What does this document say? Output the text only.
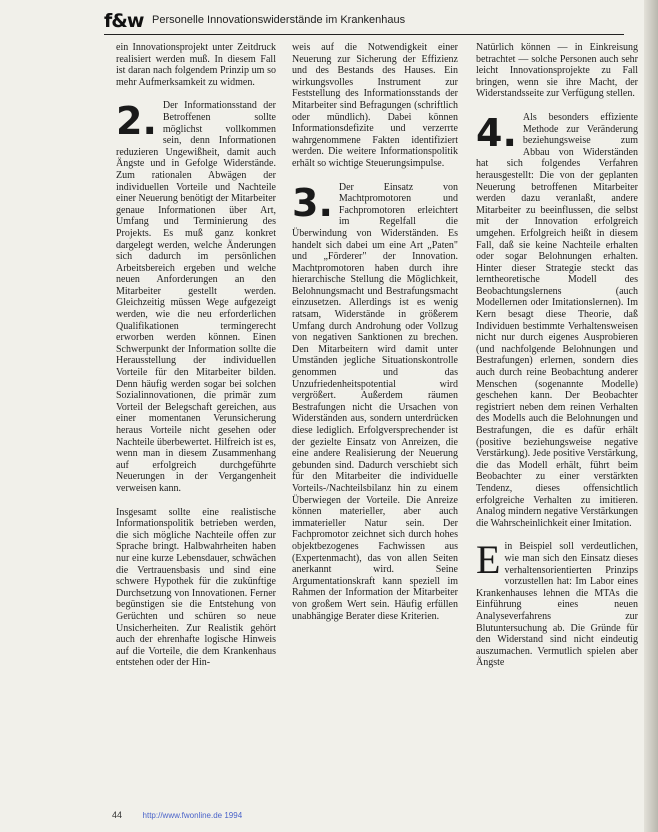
f&w Personelle Innovationswiderstände im Krankenhaus

ein Innovationsprojekt unter Zeitdruck realisiert werden muß. In diesem Fall ist daran nach folgendem Prinzip um so mehr Aufmerksamkeit zu widmen.

2. Der Informationsstand der Betroffenen sollte möglichst vollkommen sein, denn Informationen reduzieren Ungewißheit, damit auch Ängste und in Gefolge Widerstände. Zum rationalen Abwägen der individuellen Vorteile und Nachteile einer Neuerung benötigt der Mitarbeiter genaue Informationen über Art, Umfang und Terminierung des Projekts. Es muß ganz konkret dargelegt werden, welche Änderungen sich dadurch im persönlichen Arbeitsbereich ergeben und welche neuen Anforderungen an den Mitarbeiter gestellt werden. Gleichzeitig müssen Wege aufgezeigt werden, wie die neu erforderlichen Qualifikationen termingerecht erworben werden können. Einen Schwerpunkt der Information sollte die Herausstellung der individuellen Vorteile für den Mitarbeiter bilden. Denn häufig werden sogar bei solchen Sozialinnovationen, die primär zum Vorteil der Belegschaft gereichen, aus einer momentanen Verunsicherung heraus Vorteile nicht gesehen oder Nachteile überbewertet. Hilfreich ist es, wenn man in diesem Zusammenhang auf erfolgreich durchgeführte Neuerungen in der Vergangenheit verweisen kann.

Insgesamt sollte eine realistische Informationspolitik betrieben werden, die sich mögliche Nachteile offen zur Sprache bringt. Halbwahrheiten haben nur eine kurze Lebensdauer, schwächen die Vertrauensbasis und sind eine schwere Hypothek für die zukünftige Durchsetzung von Innovationen. Ferner begünstigen sie die Entstehung von Gerüchten und schüren so neue Unsicherheiten. Zur Realistik gehört auch der ehrenhafte logische Hinweis auf die Vorteile, die dem Krankenhaus entstehen oder der Hin-

weis auf die Notwendigkeit einer Neuerung zur Sicherung der Effizienz und des Bestands des Hauses. Ein wirkungsvolles Instrument zur Feststellung des Informationsstands der Mitarbeiter sind Befragungen (schriftlich oder mündlich). Dabei können Informationsdefizite und verzerrte wahrgenommene Fakten identifiziert werden. Die weitere Informationspolitik erhält so wichtige Steuerungsimpulse.

3. Der Einsatz von Machtpromotoren und Fachpromotoren erleichtert im Regelfall die Überwindung von Widerständen. Es handelt sich dabei um eine Art „Paten" und „Förderer" der Innovation. Machtpromotoren haben durch ihre hierarchische Stellung die Möglichkeit, Belohnungsmacht und Bestrafungsmacht einzusetzen. Allerdings ist es wenig ratsam, Widerstände in größerem Umfang durch Androhung oder Vollzug von negativen Sanktionen zu brechen. Den Mitarbeitern wird damit unter Umständen jegliche Situationskontrolle genommen und das Unzufriedenheitspotential wird vergrößert. Außerdem räumen Bestrafungen nicht die Ursachen von Widerständen aus, sondern unterdrücken diese lediglich. Erfolgversprechender ist der gezielte Einsatz von Anreizen, die eine andere Realisierung der Neuerung gebunden sind. Dadurch verschiebt sich für den Mitarbeiter die individuelle Vorteils-/Nachteilsbilanz hin zu einem Überwiegen der Vorteile. Die Anreize können materieller, aber auch immaterieller Natur sein. Der Fachpromotor zeichnet sich durch hohes objektbezogenes Fachwissen aus (Expertenmacht), das von allen Seiten anerkannt wird. Seine Argumentationskraft kann speziell im Rahmen der Information der Mitarbeiter von großem Wert sein. Häufig erfüllen unabhängige Berater diese Kriterien.

Natürlich können — in Einkreisung betrachtet — solche Personen auch sehr leicht Innovationsprojekte zu Fall bringen, wenn sie ihre Macht, der Widerstandsseite zur Verfügung stellen.

4. Als besonders effiziente Methode zur Veränderung beziehungsweise zum Abbau von Widerständen hat sich folgendes Verfahren herausgestellt: Die von der geplanten Neuerung betroffenen Mitarbeiter werden dazu veranlaßt, andere Mitarbeiter zu beeinflussen, die selbst mit der Innovation erfolgreich umgehen. Erfolgreich heißt in diesem Fall, daß sie keine Nachteile erhalten oder sogar Belohnungen erhalten. Hinter dieser Strategie steckt das lerntheoretische Modell des Beobachtungslernens (auch Modellernen oder Imitationslernen). Im Kern besagt diese Theorie, daß Individuen bestimmte Verhaltensweisen nicht nur durch eigenes Ausprobieren (und nachfolgende Belohnungen und Bestrafungen) erlernen, sondern dies auch durch reine Beobachtung anderer Menschen (sogenannte Modelle) geschehen kann. Der Beobachter registriert neben dem reinen Verhalten des Modells auch die Belohnungen und Bestrafungen, die es dafür erhält (positive beziehungsweise negative Verstärkung). Jede positive Verstärkung, die das Modell erhält, führt beim Beobachter zu einer verstärkten Tendenz, dieses offensichtlich erfolgreiche Verhalten zu imitieren. Analog mindern negative Verstärkungen die Wahrscheinlichkeit einer Imitation.

E in Beispiel soll verdeutlichen, wie man sich den Einsatz dieses verhaltensorientierten Prinzips vorzustellen hat: Im Labor eines Krankenhauses lehnen die MTAs die Einführung eines neuen Analyseverfahrens zur Blutuntersuchung ab. Die Gründe für den Widerstand sind nicht eindeutig auszumachen. Vermutlich spielen aber Ängste

44	http://www.fwonline.de 1994
